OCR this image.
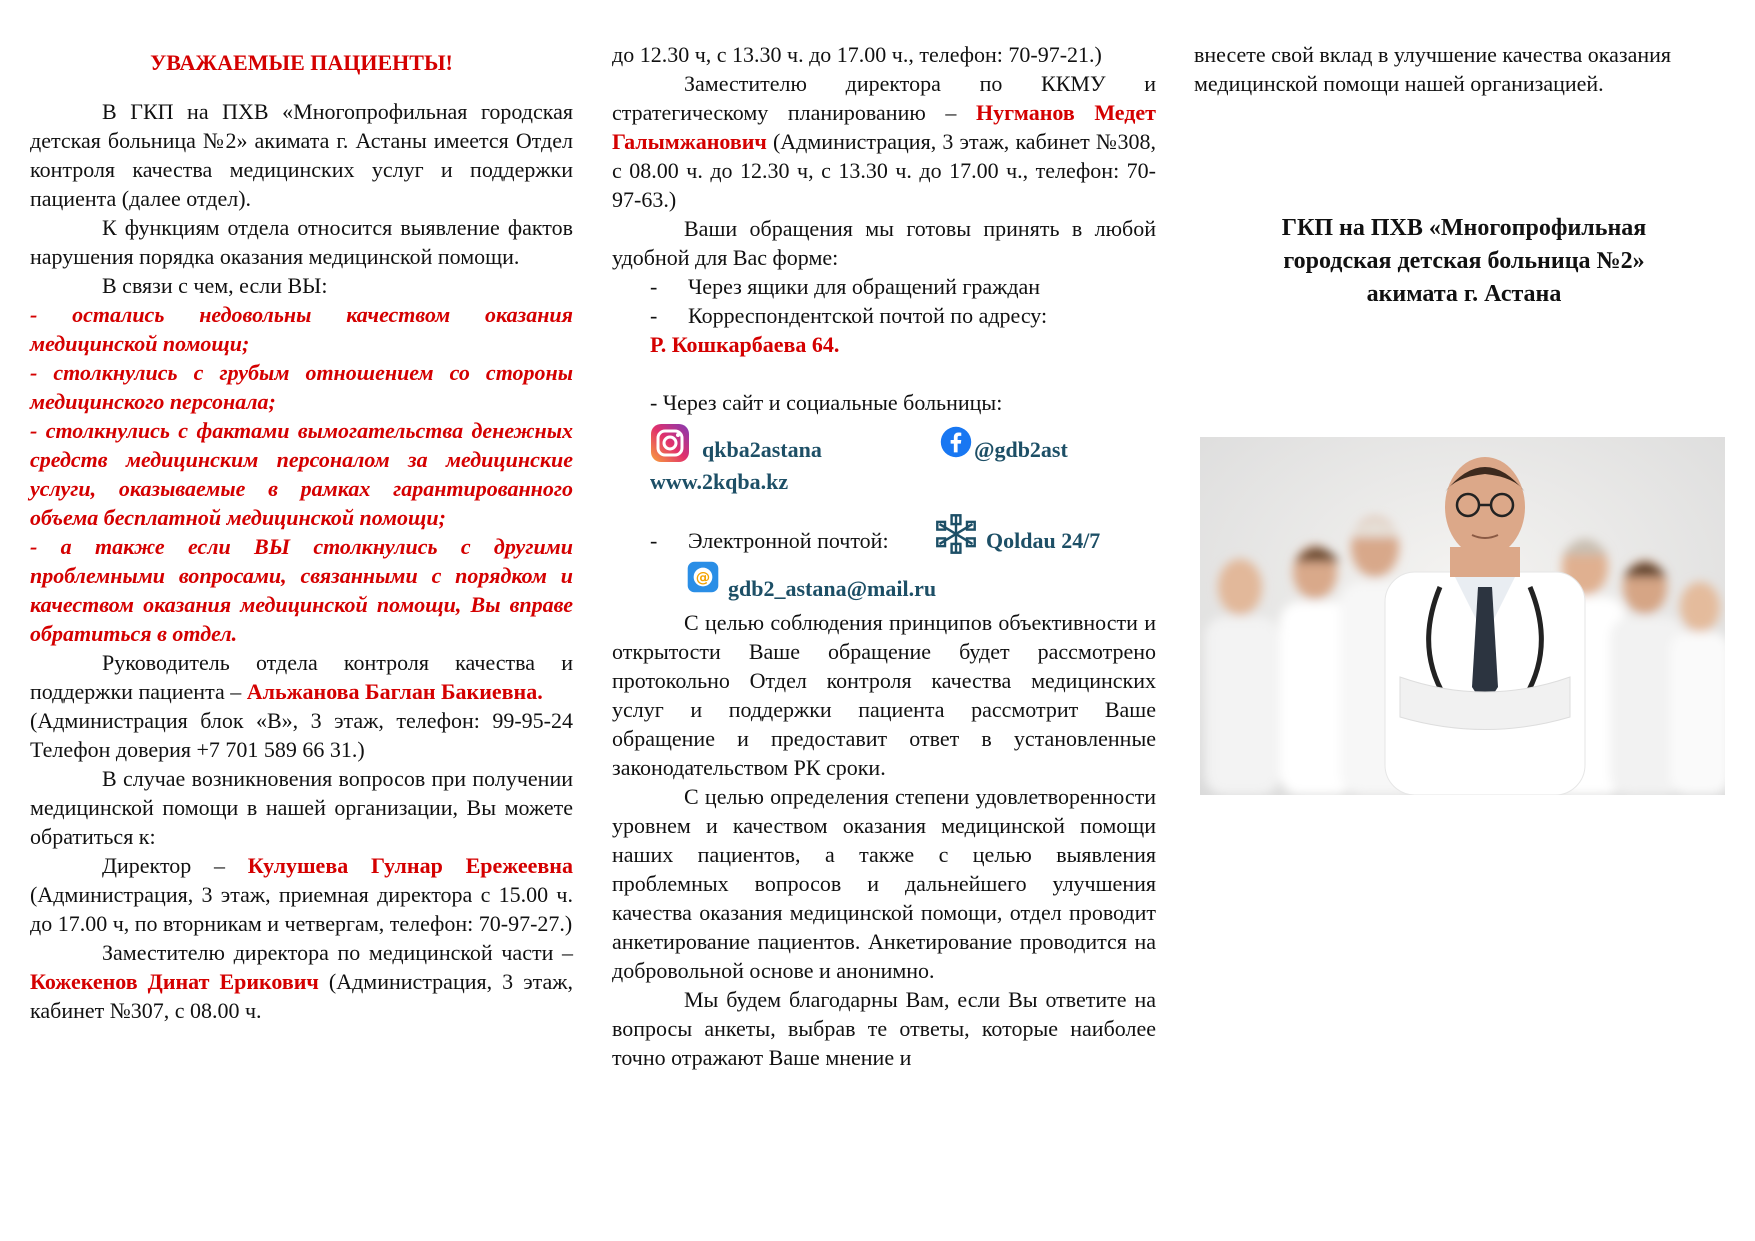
УВАЖАЕМЫЕ ПАЦИЕНТЫ!

В ГКП на ПХВ «Многопрофильная городская детская больница №2» акимата г. Астаны имеется Отдел контроля качества медицинских услуг и поддержки пациента (далее отдел).

К функциям отдела относится выявление фактов нарушения порядка оказания медицинской помощи.

В связи с чем, если ВЫ:

- остались недовольны качеством оказания медицинской помощи;

- столкнулись с грубым отношением со стороны медицинского персонала;

- столкнулись с фактами вымогательства денежных средств медицинским персоналом за медицинские услуги, оказываемые в рамках гарантированного объема бесплатной медицинской помощи;

- а также если ВЫ столкнулись с другими проблемными вопросами, связанными с порядком и качеством оказания медицинской помощи, Вы вправе обратиться в отдел.

Руководитель отдела контроля качества и поддержки пациента – Альжанова Баглан Бакиевна.

(Администрация блок «В», 3 этаж, телефон: 99-95-24 Телефон доверия +7 701 589 66 31.)

В случае возникновения вопросов при получении медицинской помощи в нашей организации, Вы можете обратиться к:

Директор – Кулушева Гулнар Ережеевна (Администрация, 3 этаж, приемная директора с 15.00 ч. до 17.00 ч, по вторникам и четвергам, телефон: 70-97-27.)

Заместителю директора по медицинской части – Кожекенов Динат Ерикович (Администрация, 3 этаж, кабинет №307, с 08.00 ч.

до 12.30 ч, с 13.30 ч. до 17.00 ч., телефон: 70-97-21.)

Заместителю директора по ККМУ и стратегическому планированию – Нугманов Медет Галымжанович (Администрация, 3 этаж, кабинет №308, с 08.00 ч. до 12.30 ч, с 13.30 ч. до 17.00 ч., телефон: 70-97-63.)

Ваши обращения мы готовы принять в любой удобной для Вас форме:

-	Через ящики для обращений граждан
-	Корреспондентской почтой по адресу:

Р. Кошкарбаева 64.

- Через сайт и социальные больницы:

qkba2astana	@gdb2ast
www.2kqba.kz
- Электронной почтой:	Qoldau 24/7
@ gdb2_astana@mail.ru

С целью соблюдения принципов объективности и открытости Ваше обращение будет рассмотрено протокольно Отдел контроля качества медицинских услуг и поддержки пациента рассмотрит Ваше обращение и предоставит ответ в установленные законодательством РК сроки.

С целью определения степени удовлетворенности уровнем и качеством оказания медицинской помощи наших пациентов, а также с целью выявления проблемных вопросов и дальнейшего улучшения качества оказания медицинской помощи, отдел проводит анкетирование пациентов. Анкетирование проводится на добровольной основе и анонимно.

Мы будем благодарны Вам, если Вы ответите на вопросы анкеты, выбрав те ответы, которые наиболее точно отражают Ваше мнение и

внесете свой вклад в улучшение качества оказания медицинской помощи нашей организацией.

ГКП на ПХВ «Многопрофильная
городская детская больница №2»
акимата г. Астана
